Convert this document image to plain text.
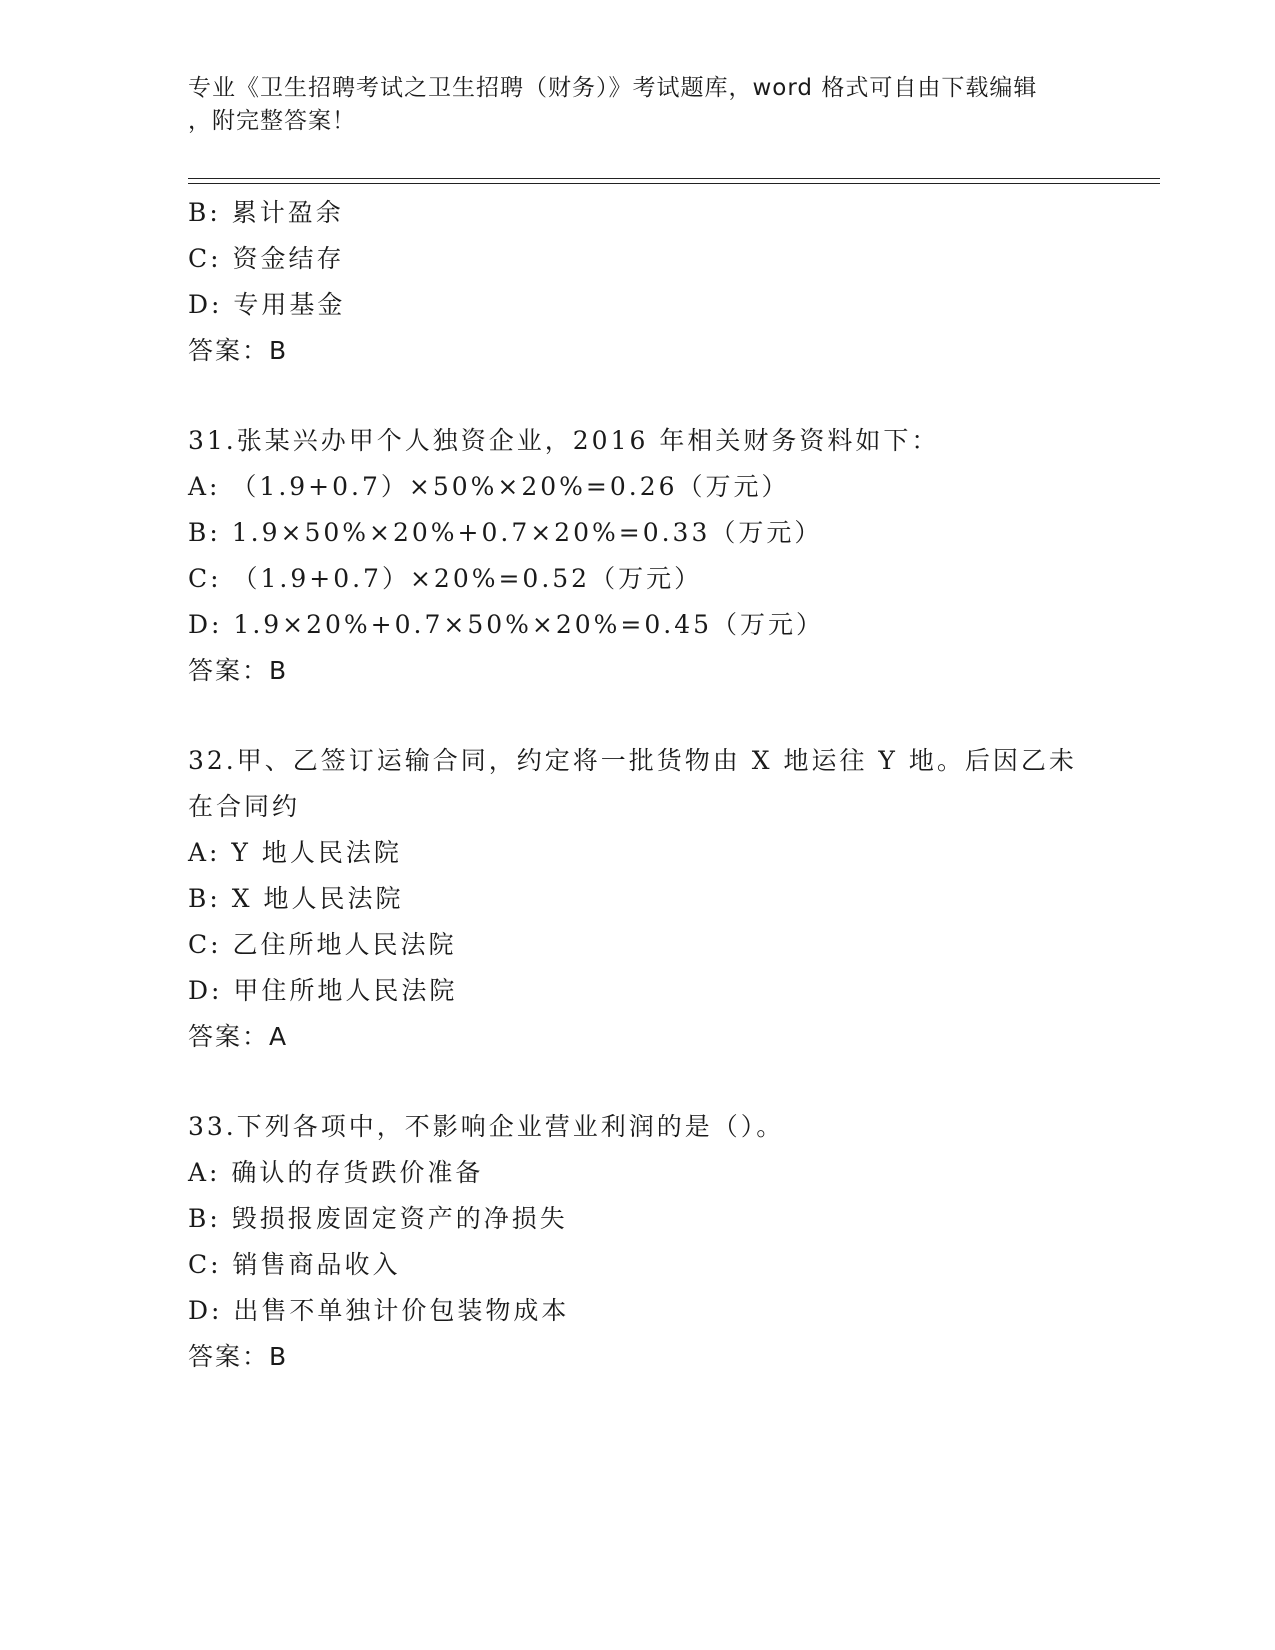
专业《卫生招聘考试之卫生招聘（财务）》考试题库，word 格式可自由下载编辑
，附完整答案！
B: 累计盈余
C: 资金结存
D: 专用基金
答案：B
31.张某兴办甲个人独资企业，2016 年相关财务资料如下：
A: （1.9+0.7）×50%×20%=0.26（万元）
B: 1.9×50%×20%+0.7×20%=0.33（万元）
C: （1.9+0.7）×20%=0.52（万元）
D: 1.9×20%+0.7×50%×20%=0.45（万元）
答案：B
32.甲、乙签订运输合同，约定将一批货物由 X 地运往 Y 地。后因乙未
在合同约
A: Y 地人民法院
B: X 地人民法院
C: 乙住所地人民法院
D: 甲住所地人民法院
答案：A
33.下列各项中，不影响企业营业利润的是（）。
A: 确认的存货跌价准备
B: 毁损报废固定资产的净损失
C: 销售商品收入
D: 出售不单独计价包装物成本
答案：B
